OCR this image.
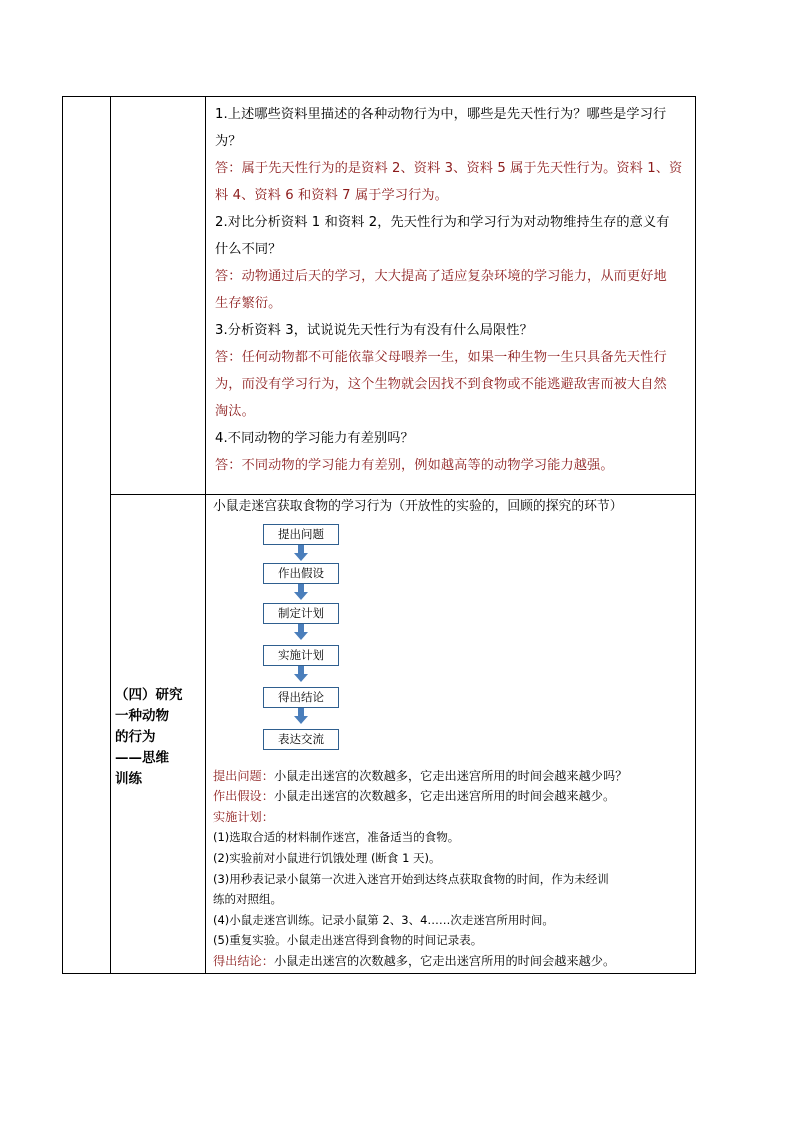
1.上述哪些资料里描述的各种动物行为中，哪些是先天性行为？哪些是学习行

为？

答：属于先天性行为的是资料 2、资料 3、资料 5 属于先天性行为。资料 1、资

料 4、资料 6 和资料 7 属于学习行为。

2.对比分析资料 1 和资料 2，先天性行为和学习行为对动物维持生存的意义有

什么不同？

答：动物通过后天的学习，大大提高了适应复杂环境的学习能力，从而更好地

生存繁衍。

3.分析资料 3，试说说先天性行为有没有什么局限性？

答：任何动物都不可能依靠父母喂养一生，如果一种生物一生只具备先天性行

为，而没有学习行为，这个生物就会因找不到食物或不能逃避敌害而被大自然

淘汰。

4.不同动物的学习能力有差别吗？

答：不同动物的学习能力有差别，例如越高等的动物学习能力越强。

（四）研究
一种动物
的行为
——思维
训练

小鼠走迷宫获取食物的学习行为（开放性的实验的，回顾的探究的环节）

提出问题
作出假设
制定计划
实施计划
得出结论
表达交流

提出问题：小鼠走出迷宫的次数越多，它走出迷宫所用的时间会越来越少吗？

作出假设：小鼠走出迷宫的次数越多，它走出迷宫所用的时间会越来越少。

实施计划：

(1)选取合适的材料制作迷宫，准备适当的食物。

(2)实验前对小鼠进行饥饿处理 (断食 1 天)。

(3)用秒表记录小鼠第一次进入迷宫开始到达终点获取食物的时间，作为未经训

练的对照组。

(4)小鼠走迷宫训练。记录小鼠第 2、3、4……次走迷宫所用时间。

(5)重复实验。小鼠走出迷宫得到食物的时间记录表。

得出结论：小鼠走出迷宫的次数越多，它走出迷宫所用的时间会越来越少。
